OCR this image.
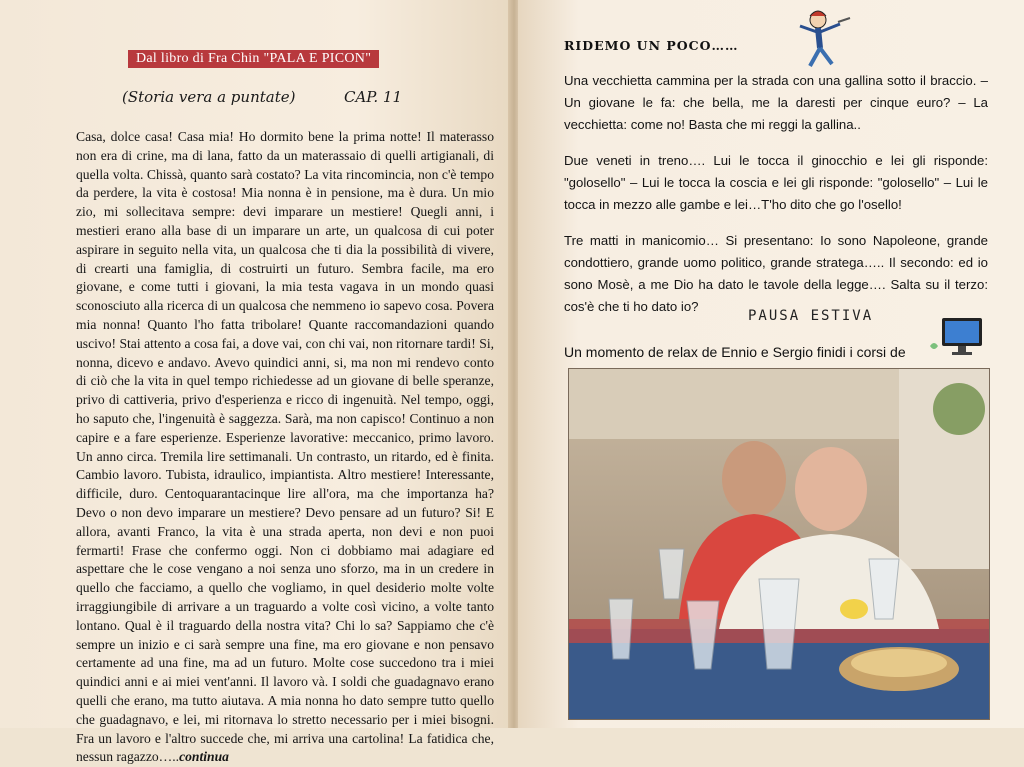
Dal libro di Fra Chin "PALA E PICON"
(Storia vera a puntate)	CAP. 11
Casa, dolce casa! Casa mia! Ho dormito bene la prima notte! Il materasso non era di crine, ma di lana, fatto da un materassaio di quelli artigianali, di quella volta. Chissà, quanto sarà costato? La vita rincomincia, non c'è tempo da perdere, la vita è costosa! Mia nonna è in pensione, ma è dura. Un mio zio, mi sollecitava sempre: devi imparare un mestiere! Quegli anni, i mestieri erano alla base di un imparare un arte, un qualcosa di cui poter aspirare in seguito nella vita, un qualcosa che ti dia la possibilità di vivere, di crearti una famiglia, di costruirti un futuro. Sembra facile, ma ero giovane, e come tutti i giovani, la mia testa vagava in un mondo quasi sconosciuto alla ricerca di un qualcosa che nemmeno io sapevo cosa. Povera mia nonna! Quanto l'ho fatta tribolare! Quante raccomandazioni quando uscivo! Stai attento a cosa fai, a dove vai, con chi vai, non ritornare tardi! Si, nonna, dicevo e andavo. Avevo quindici anni, si, ma non mi rendevo conto di ciò che la vita in quel tempo richiedesse ad un giovane di belle speranze, privo di cattiveria, privo d'esperienza e ricco di ingenuità. Nel tempo, oggi, ho saputo che, l'ingenuità è saggezza. Sarà, ma non capisco! Continuo a non capire e a fare esperienze. Esperienze lavorative: meccanico, primo lavoro. Un anno circa. Tremila lire settimanali. Un contrasto, un ritardo, ed è finita. Cambio lavoro. Tubista, idraulico, impiantista. Altro mestiere! Interessante, difficile, duro. Centoquarantacinque lire all'ora, ma che importanza ha? Devo o non devo imparare un mestiere? Devo pensare ad un futuro? Si! E allora, avanti Franco, la vita è una strada aperta, non devi e non puoi fermarti! Frase che confermo oggi. Non ci dobbiamo mai adagiare ed aspettare che le cose vengano a noi senza uno sforzo, ma in un credere in quello che facciamo, a quello che vogliamo, in quel desiderio molte volte irraggiungibile di arrivare a un traguardo a volte così vicino, a volte tanto lontano. Qual è il traguardo della nostra vita? Chi lo sa? Sappiamo che c'è sempre un inizio e ci sarà sempre una fine, ma ero giovane e non pensavo certamente ad una fine, ma ad un futuro. Molte cose succedono tra i miei quindici anni e ai miei vent'anni. Il lavoro và. I soldi che guadagnavo erano quelli che erano, ma tutto aiutava. A mia nonna ho dato sempre tutto quello che guadagnavo, e lei, mi ritornava lo stretto necessario per i miei bisogni. Fra un lavoro e l'altro succede che, mi arriva una cartolina! La fatidica che, nessun ragazzo…..continua
RIDEMO UN POCO……

Una vecchietta cammina per la strada con una gallina sotto il braccio. – Un giovane le fa: che bella, me la daresti per cinque euro? – La vecchietta: come no! Basta che mi reggi la gallina..

Due veneti in treno…. Lui le tocca il ginocchio e lei gli risponde: "golosello" – Lui le tocca la coscia e lei gli risponde: "golosello" – Lui le tocca in mezzo alle gambe e lei…T'ho dito che go l'osello!

Tre matti in manicomio… Si presentano: Io sono Napoleone, grande condottiero, grande uomo politico, grande stratega….. Il secondo: ed io sono Mosè, a me Dio ha dato le tavole della legge…. Salta su il terzo: cos'è che ti ho dato io?

PAUSA ESTIVA
Un momento de relax de Ennio e Sergio finidi i corsi de
